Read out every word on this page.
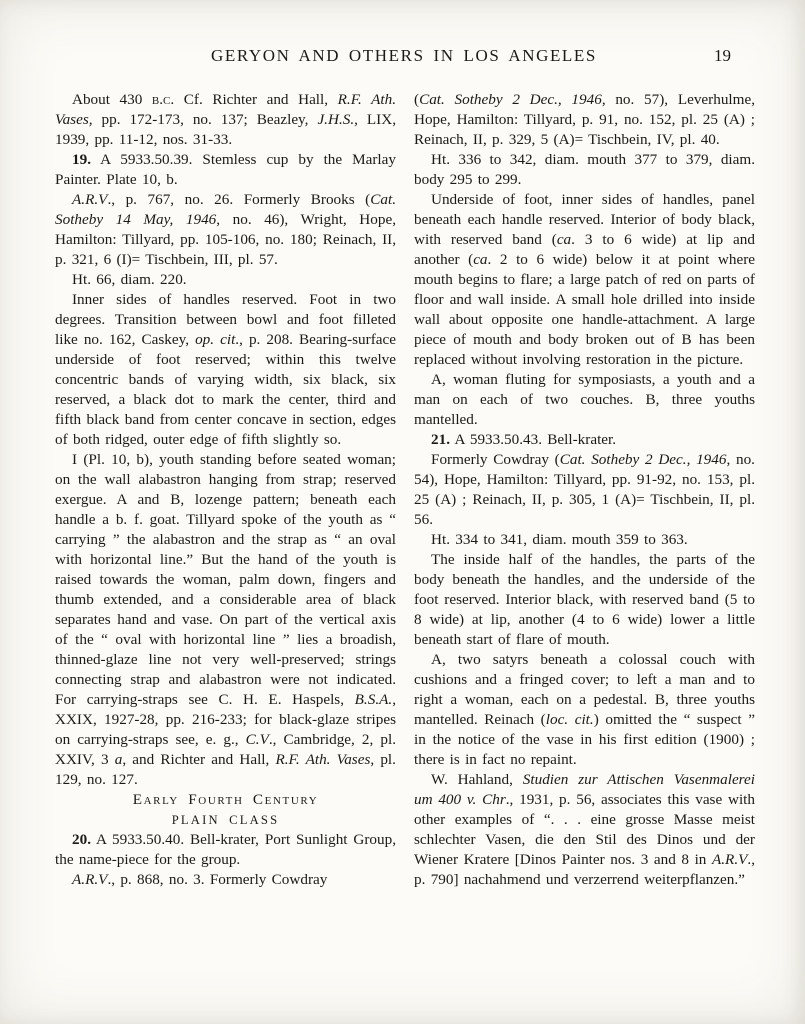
GERYON AND OTHERS IN LOS ANGELES	19

About 430 b.c. Cf. Richter and Hall, R.F. Ath. Vases, pp. 172-173, no. 137; Beazley, J.H.S., LIX, 1939, pp. 11-12, nos. 31-33.

19. A 5933.50.39. Stemless cup by the Marlay Painter. Plate 10, b.

A.R.V., p. 767, no. 26. Formerly Brooks (Cat. Sotheby 14 May, 1946, no. 46), Wright, Hope, Hamilton: Tillyard, pp. 105-106, no. 180; Reinach, II, p. 321, 6 (I)= Tischbein, III, pl. 57.

Ht. 66, diam. 220.

Inner sides of handles reserved. Foot in two degrees. Transition between bowl and foot filleted like no. 162, Caskey, op. cit., p. 208. Bearing-surface underside of foot reserved; within this twelve concentric bands of varying width, six black, six reserved, a black dot to mark the center, third and fifth black band from center concave in section, edges of both ridged, outer edge of fifth slightly so.

I (Pl. 10, b), youth standing before seated woman; on the wall alabastron hanging from strap; reserved exergue. A and B, lozenge pattern; beneath each handle a b. f. goat. Tillyard spoke of the youth as “ carrying ” the alabastron and the strap as “ an oval with horizontal line.” But the hand of the youth is raised towards the woman, palm down, fingers and thumb extended, and a considerable area of black separates hand and vase. On part of the vertical axis of the “ oval with horizontal line ” lies a broadish, thinned-glaze line not very well-preserved; strings connecting strap and alabastron were not indicated. For carrying-straps see C. H. E. Haspels, B.S.A., XXIX, 1927-28, pp. 216-233; for black-glaze stripes on carrying-straps see, e. g., C.V., Cambridge, 2, pl. XXIV, 3 a, and Richter and Hall, R.F. Ath. Vases, pl. 129, no. 127.

Early Fourth Century

PLAIN CLASS

20. A 5933.50.40. Bell-krater, Port Sunlight Group, the name-piece for the group.

A.R.V., p. 868, no. 3. Formerly Cowdray

(Cat. Sotheby 2 Dec., 1946, no. 57), Leverhulme, Hope, Hamilton: Tillyard, p. 91, no. 152, pl. 25 (A) ; Reinach, II, p. 329, 5 (A)= Tischbein, IV, pl. 40.

Ht. 336 to 342, diam. mouth 377 to 379, diam. body 295 to 299.

Underside of foot, inner sides of handles, panel beneath each handle reserved. Interior of body black, with reserved band (ca. 3 to 6 wide) at lip and another (ca. 2 to 6 wide) below it at point where mouth begins to flare; a large patch of red on parts of floor and wall inside. A small hole drilled into inside wall about opposite one handle-attachment. A large piece of mouth and body broken out of B has been replaced without involving restoration in the picture.

A, woman fluting for symposiasts, a youth and a man on each of two couches. B, three youths mantelled.

21. A 5933.50.43. Bell-krater.

Formerly Cowdray (Cat. Sotheby 2 Dec., 1946, no. 54), Hope, Hamilton: Tillyard, pp. 91-92, no. 153, pl. 25 (A) ; Reinach, II, p. 305, 1 (A)= Tischbein, II, pl. 56.

Ht. 334 to 341, diam. mouth 359 to 363.

The inside half of the handles, the parts of the body beneath the handles, and the underside of the foot reserved. Interior black, with reserved band (5 to 8 wide) at lip, another (4 to 6 wide) lower a little beneath start of flare of mouth.

A, two satyrs beneath a colossal couch with cushions and a fringed cover; to left a man and to right a woman, each on a pedestal. B, three youths mantelled. Reinach (loc. cit.) omitted the “ suspect ” in the notice of the vase in his first edition (1900) ; there is in fact no repaint.

W. Hahland, Studien zur Attischen Vasenmalerei um 400 v. Chr., 1931, p. 56, associates this vase with other examples of “. . . eine grosse Masse meist schlechter Vasen, die den Stil des Dinos und der Wiener Kratere [Dinos Painter nos. 3 and 8 in A.R.V., p. 790] nachahmend und verzerrend weiterpflanzen.”
